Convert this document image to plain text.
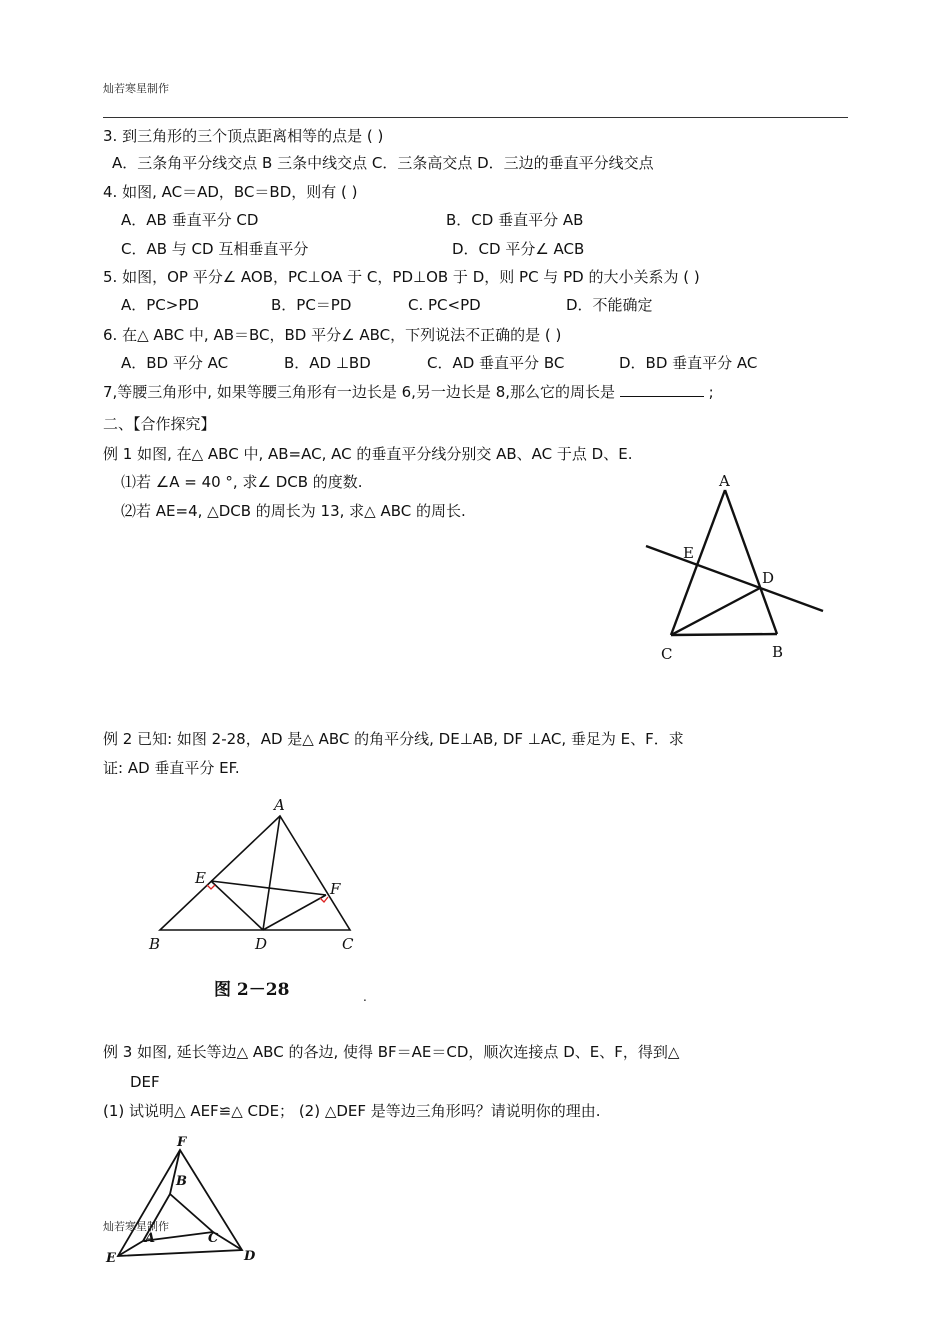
灿若寒星制作
3. 到三角形的三个顶点距离相等的点是 ( )
A．三条角平分线交点 B 三条中线交点 C．三条高交点 D．三边的垂直平分线交点
4. 如图, AC＝AD，BC＝BD，则有 ( )
A．AB 垂直平分 CD	B．CD 垂直平分 AB
C．AB 与 CD 互相垂直平分	D．CD 平分∠ ACB
5. 如图，OP 平分∠ AOB，PC⊥OA 于 C，PD⊥OB 于 D，则 PC 与 PD 的大小关系为 ( )
A．PC>PD	B．PC＝PD	C. PC<PD	D．不能确定
6. 在△ ABC 中, AB＝BC，BD 平分∠ ABC，下列说法不正确的是 ( )
A．BD 平分 AC	B．AD ⊥BD	C．AD 垂直平分 BC	D．BD 垂直平分 AC
7,等腰三角形中, 如果等腰三角形有一边长是 6,另一边长是 8,那么它的周长是	;
二、【合作探究】
例 1 如图, 在△ ABC 中, AB=AC, AC 的垂直平分线分别交 AB、AC 于点 D、E.
⑴若 ∠A = 40 °, 求∠ DCB 的度数.
⑵若 AE=4, △DCB 的周长为 13, 求△ ABC 的周长.
A
E
D
C	B
例 2 已知: 如图 2-28，AD 是△ ABC 的角平分线, DE⊥AB, DF ⊥AC, 垂足为 E、F．求
证: AD 垂直平分 EF.
A
E
F
B	D	C
图 2－28	.
例 3 如图, 延长等边△ ABC 的各边, 使得 BF＝AE＝CD，顺次连接点 D、E、F，得到△
DEF
(1) 试说明△ AEF≌△ CDE； (2) △DEF 是等边三角形吗？请说明你的理由.
F
B
A	C
E	D
灿若寒星制作
